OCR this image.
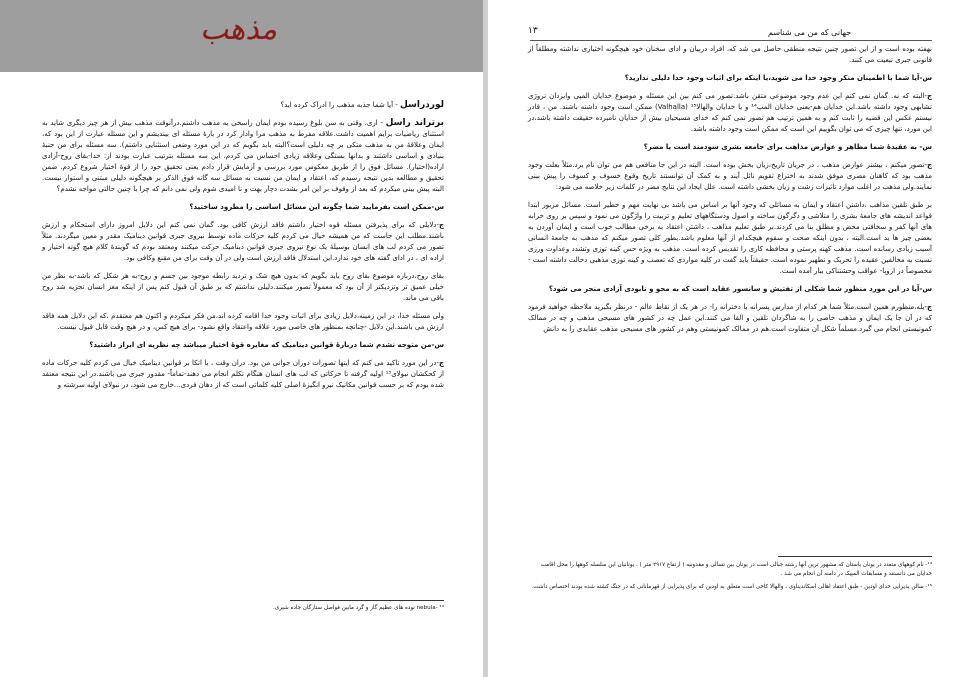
مذهب

لوردراسل - آیا شما جذبه مذهب را ادراک کرده اید؟

برتراند راسل - اری، وقتی به سن بلوغ رسیده بودم ایمان راسخی به مذهب داشتم.درآنوقت مذهب بیش از هر چیز دیگری شاید به استثنای ریاضیات برایم اهمیت داشت.علاقه مفرط به مذهب مرا وادار کرد در بارهٔ مسئله ای بیندیشم و این مسئله عبارت از این بود که، ایمان وعلاقهٔ من به مذهب متکی بر چه دلیلی است؟البته باید بگویم که در این مورد وضعی استثنایی داشتم). سه مسئله برای من جنبهٔ بنیادی و اساسی داشتند و بدانها بستگی وعلاقه زیادی احساس می کردم، این سه مسئله بترتیب عبارت بودند از: خدا-بقای روح-آزادی اراده(اختیار). مسائل فوق را از طریق معکوس مورد بررسی و آزمایش قرار دادم یعنی تحقیق خود را از قوهٔ اختیار شروع کردم. ضمن تحقیق و مطالعه بدین نتیجه رسیدم که، اعتقاد و ایمان من نسبت به مسائل سه گانه فوق الذکر بر هیچگونه دلیلی مبتنی و استوار نیست. البته پیش بینی میکردم که بعد از وقوف بر این امر بشدت دچار بهت و نا امیدی شوم ولی نمی دانم که چرا با چنین حالتی مواجه نشدم؟

س-ممکن است بفرمایید شما چگونه این مسائل اساسی را مطرود ساختید؟

ج-دلایلی که برای پذیرفتن مسئله قوه اختیار داشتم فاقد ارزش کافی بود. گمان نمی کنم این دلایل امروز دارای استحکام و ارزش باشند.مطلب این جاست که من همیشه خیال می کردم کلیه حرکات ماده توسط نیروی جبری قوانین دینامیک مقدر و معین میگردند. مثلاً تصور می کردم لب های انسان بوسیلهٔ یک نوع نیروی جبری قوانین دینامیک حرکت میکنند ومعتقد بودم که گویندهٔ کلام هیچ گونه اختیار و اراده ای ، در ادای گفته های خود ندارد.این استدلال فاقد ارزش است ولی در آن وقت برای من مقنع وکافی بود.

بقای روح،درباره موضوع بقای روح باید بگویم که بدون هیچ شک و تردید رابطه موجود بین جسم و روح-به هر شکل که باشد-به نظر من خیلی عمیق تر وتزدیکتر از آن بود که معمولاً تصور میکنند.دلیلی نداشتم که بر طبق آن قبول کنم پس از اینکه مغز انسان تجزیه شد روح باقی می ماند.

ولی مسئله خدا، در این زمینه،دلایل زیادی برای اثبات وجود خدا اقامه کرده اند،من فکر میکردم و اکنون هم معتقدم ،که این دلایل همه فاقد ارزش می باشند.این دلایل -چنانچه بمنظور های خاصی مورد علاقه واعتقاد واقع نشود- برای هیچ کس، و در هیچ وقت قابل قبول نیست.

س-من متوجه نشدم شما دربارهٔ قوانین دینامیک که مغایره قوهٔ اختیار میباشد چه نظریه ای ابراز داشتید؟

ج-در این مورد تاکید می کنم که اینها تصورات دوران جوانی من بود. دران وقت ، با اتکا بر قوانین دینامیک خیال می کردم کلیه حرکات ماده از کحکشان نبولای¹³ اولیه گرفته تا حرکاتی که لب های انسان هنگام تکلم انجام می دهند-تماماً- مقدور جبری می باشند.در این نتیجه معتقد شده بودم که بر حسب قوانین مکانیک نیرو انگیزهٔ اصلی کلیه کلماتی است که از دهان فردی...خارج می شود، در نبولای اولیه سرشته و

¹³ -nebula نوده های عظیم گاز و گرد مابین فواصل ستارگان جاده شیری.
جهانی که من می شناسم
١٣

نهفته بوده است و از این تصور چنین نتیجه منطقی حاصل می شد که، افراد دربیان و ادای سخنان خود هیچگونه اختیاری نداشته ومطلقاً از قانونی جبری تبعیت می کنند.

س-آیا شما با اطمینان منکر وجود خدا می شوید،یا اینکه برای اثبات وجود خدا دلیلی ندارید؟

ج-البته که نه. گمان نمی کنم این عدم وجود موضوعی متقن باشد.تصور می کنم بین این مسئله و موضوع خدایان المپی وایزدان نروژی تشابهی وجود داشته باشد.این خدایان هم-یعنی خدایان المپ¹⁴ و یا خدایان والهالا¹⁵ (Valhalla) ممکن است وجود داشته باشند. من ، قادر نیستم عکس این قضیه را ثابت کنم و به همین ترتیب هم تصور نمی کنم که خدای مسیحیان بیش از خدایان نامبرده حقیقت داشته باشد،در این مورد، تنها چیزی که می توان بگوییم این است که ممکن است وجود داشته باشد.

س- به عقیدهٔ شما مظاهر و عوارض مذاهب برای جامعه بشری سودمند است یا مضر؟

ج-تصور میکنم ، بیشتر عوارض مذهب ، در جریان تاریخ،زیان بخش بوده است. البته در این جا منافعی هم می توان نام برد.مثلاً بعلت وجود مذهب بود که کاهنان مصری موفق شدند به اختراع تقویم نائل آیند و به کمک آن توانستند تاریخ وقوع خسوف و کسوف را پیش بینی نمایند.ولی مذهب در اغلب موارد تاثیرات زشت و زیان بخشی داشته است. علل ایجاد این نتایج مضر در کلمات زیر خلاصه می شود:

بر طبق تلقین مذاهب ،داشتن اعتقاد و ایمان به مسائلی که وجود آنها بر اساس می باشد بی نهایت مهم و خطیر است. مسائل مزبور ابتدا قواعد اندیشه های جامعهٔ بشری را متلاشی و دگرگون ساخته و اصول ودستگاههای تعلیم و تربیت را واژگون می نمود و سپس بر روی خرابه های آنها کفر و سخافتی محض و مطلق بنا می کردند.بر طبق تعلیم مذاهب ، داشتن اعتقاد به برخی مطالب خوب است و ایمان آوردن به بعضی چیز ها بد است.البته ، بدون اینکه صحت و سقوم هیچکدام از آنها معلوم باشد.بطور کلی تصور میکنم که مذهب به جامعهٔ انسانی آسیب زیادی رسانده است. مذهب کهنه پرستی و محافظه کاری را تقدیس کرده است. مذهب به ویژه حس کینه توزی وتشدد وعداوت ورزی نسبت به مخالفین عقیده را تحریک و تطهیر نموده است. حقیقتاً باید گفت در کلیه مواردی که تعصب و کینه توزی مذهبی دخالت داشته است - مخصوصاً در اروپا- عواقب وحشتناکی ببار آمده است.

س-آیا در این مورد منظور شما شکلی از تفتیش و سانسور عقاید است که به محو و نابودی آزادی منجر می شود؟

ج-بله،منظورم همین است.مثلاً شما هر کدام از مدارس پسرانه یا دخترانه را- در هر یک از نقاط عالم - درنظر بگیرید ملاحظه خواهید فرمود که در آن جا یک ایمان و مذهب خاصی را به شاگردان تلقین و القا می کنند.این عمل چه در کشور های مسیحی مذهب و چه در ممالک کمونیستی انجام می گیرد.مسلماً شکل آن متفاوت است.هم در ممالک کمونیستی وهم در کشور های مسیحی مذهب عقایدی را به دانش

¹⁴- نام کوههای متعدد در یونان باستان که مشهور ترین آنها رشته جبالی است در یونان بین تسالی و مقدونیه ( ارتفاع ۲۹۱۷ متر ) . یونانیان این سلسله کوهها را محل اقامت خدایان می دانستند و مسابقات المپیک در دامنه آن انجام می شد .
¹⁵- سالن پذیرایی خدای اودین - طبق اعتقاد اهالی اسکاندیناوی ، والهالا کاخی است متعلق به اودین که برای پذیرایی از قهرمانانی که در جنگ کشته شده بودند اختصاص داشت.
